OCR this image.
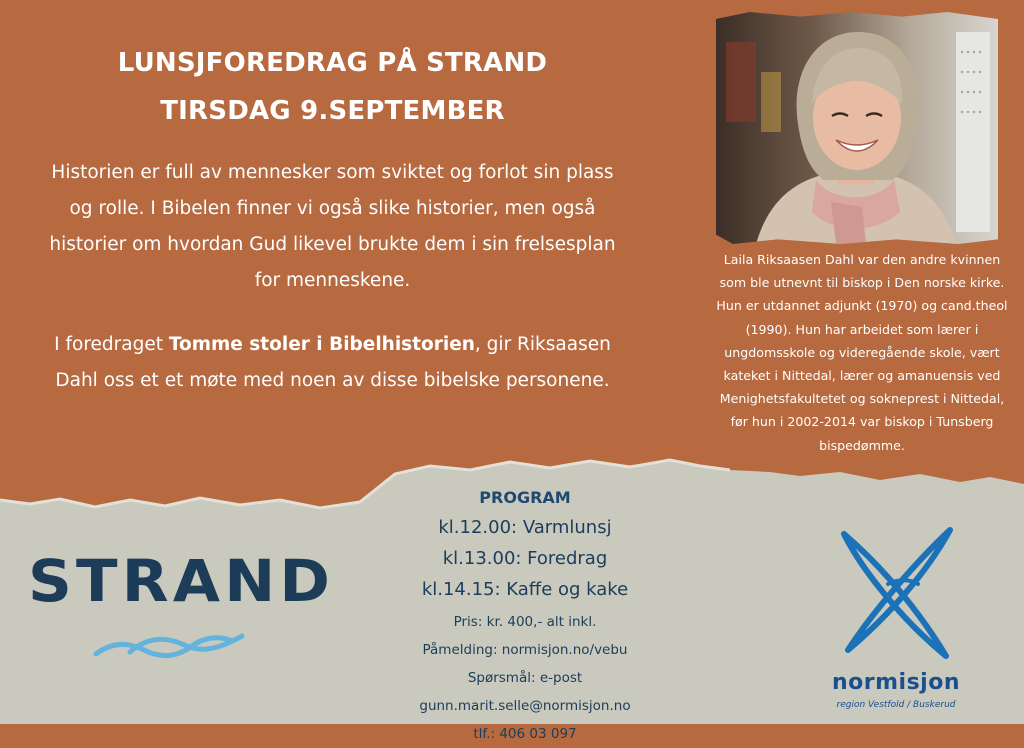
LUNSJFOREDRAG PÅ STRAND
TIRSDAG 9.SEPTEMBER

Historien er full av mennesker som sviktet og forlot sin plass og rolle. I Bibelen finner vi også slike historier, men også historier om hvordan Gud likevel brukte dem i sin frelsesplan for menneskene.

I foredraget Tomme stoler i Bibelhistorien, gir Riksaasen Dahl oss et et møte med noen av disse bibelske personene.

Laila Riksaasen Dahl var den andre kvinnen som ble utnevnt til biskop i Den norske kirke. Hun er utdannet adjunkt (1970) og cand.theol (1990). Hun har arbeidet som lærer i ungdomsskole og videregående skole, vært kateket i Nittedal, lærer og amanuensis ved Menighetsfakultetet og sokneprest i Nittedal, før hun i 2002-2014 var biskop i Tunsberg bispedømme.
PROGRAM
kl.12.00: Varmlunsj
kl.13.00: Foredrag
kl.14.15: Kaffe og kake
Pris: kr. 400,- alt inkl.
Påmelding: normisjon.no/vebu
Spørsmål: e-post gunn.marit.selle@normisjon.no
tlf.: 406 03 097
STRAND
normisjon
region Vestfold / Buskerud
